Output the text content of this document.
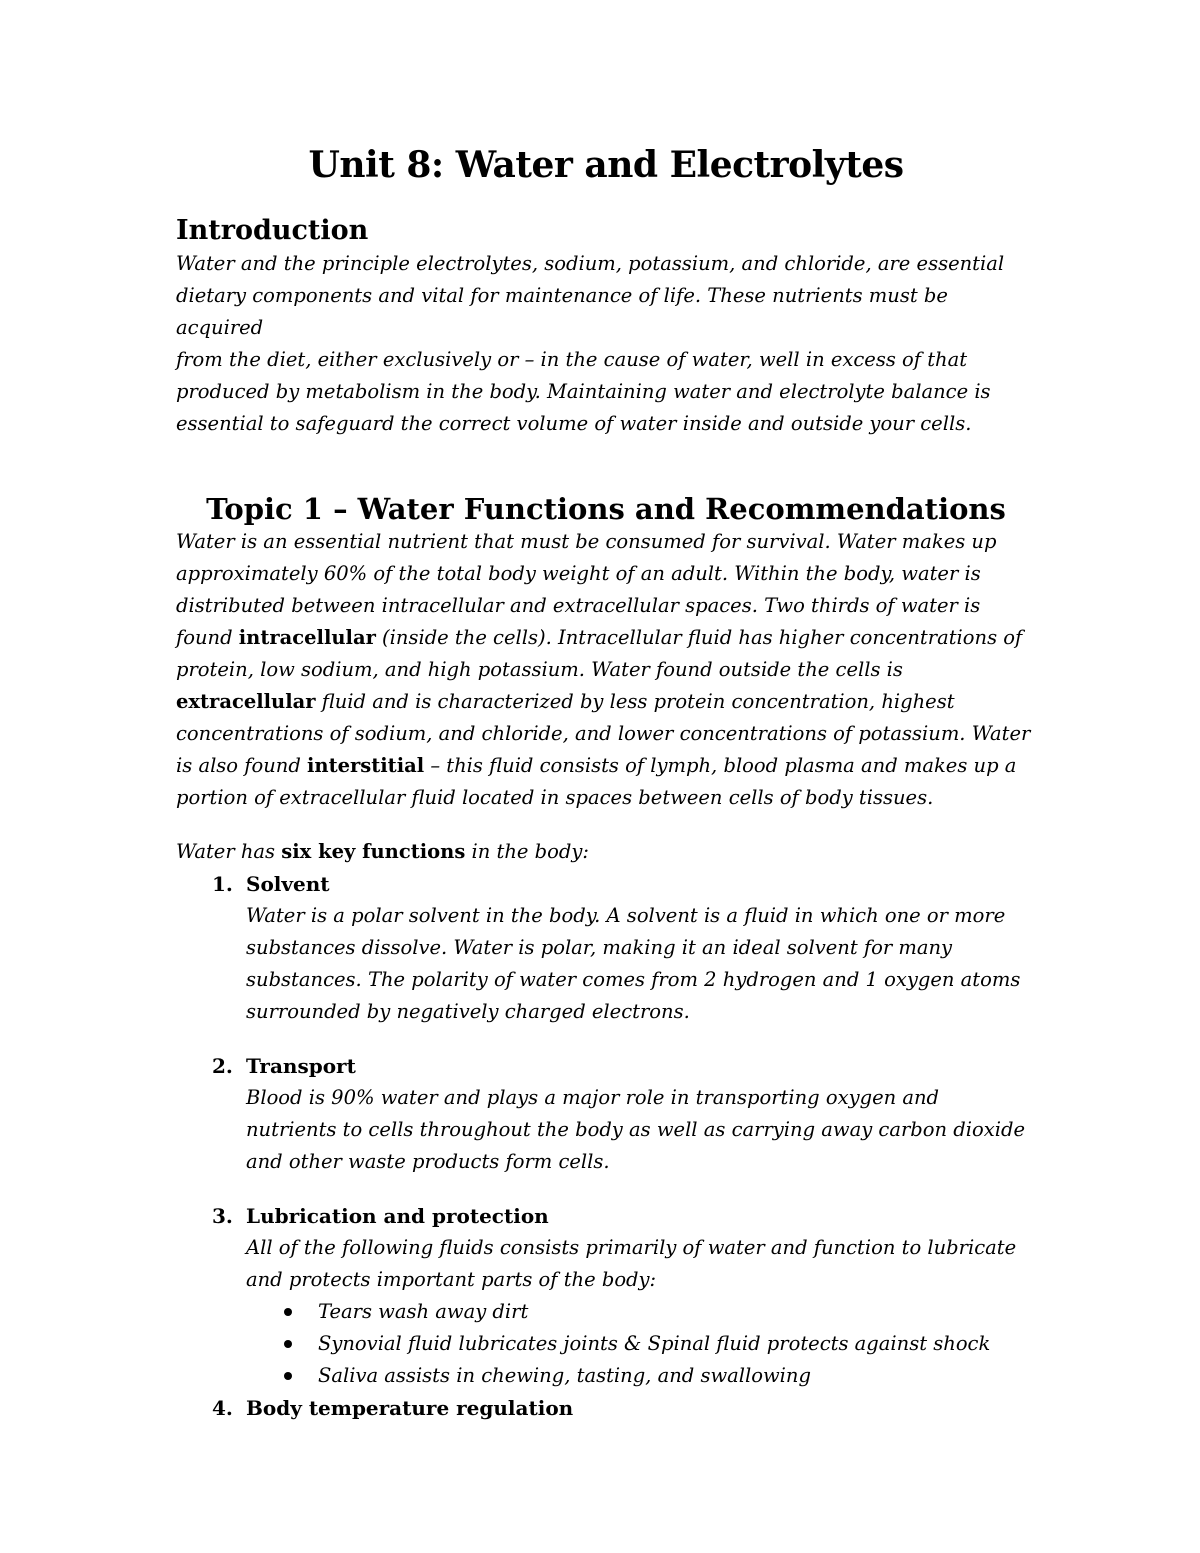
Unit 8: Water and Electrolytes
Introduction
Water and the principle electrolytes, sodium, potassium, and chloride, are essential
dietary components and vital for maintenance of life. These nutrients must be acquired
from the diet, either exclusively or – in the cause of water, well in excess of that
produced by metabolism in the body. Maintaining water and electrolyte balance is
essential to safeguard the correct volume of water inside and outside your cells.
Topic 1 – Water Functions and Recommendations
Water is an essential nutrient that must be consumed for survival. Water makes up
approximately 60% of the total body weight of an adult. Within the body, water is
distributed between intracellular and extracellular spaces. Two thirds of water is
found intracellular (inside the cells). Intracellular fluid has higher concentrations of
protein, low sodium, and high potassium. Water found outside the cells is
extracellular fluid and is characterized by less protein concentration, highest
concentrations of sodium, and chloride, and lower concentrations of potassium. Water
is also found interstitial – this fluid consists of lymph, blood plasma and makes up a
portion of extracellular fluid located in spaces between cells of body tissues.
Water has six key functions in the body:
1. Solvent
Water is a polar solvent in the body. A solvent is a fluid in which one or more
substances dissolve. Water is polar, making it an ideal solvent for many
substances. The polarity of water comes from 2 hydrogen and 1 oxygen atoms
surrounded by negatively charged electrons.
2. Transport
Blood is 90% water and plays a major role in transporting oxygen and
nutrients to cells throughout the body as well as carrying away carbon dioxide
and other waste products form cells.
3. Lubrication and protection
All of the following fluids consists primarily of water and function to lubricate
and protects important parts of the body:
Tears wash away dirt
Synovial fluid lubricates joints & Spinal fluid protects against shock
Saliva assists in chewing, tasting, and swallowing
4. Body temperature regulation
